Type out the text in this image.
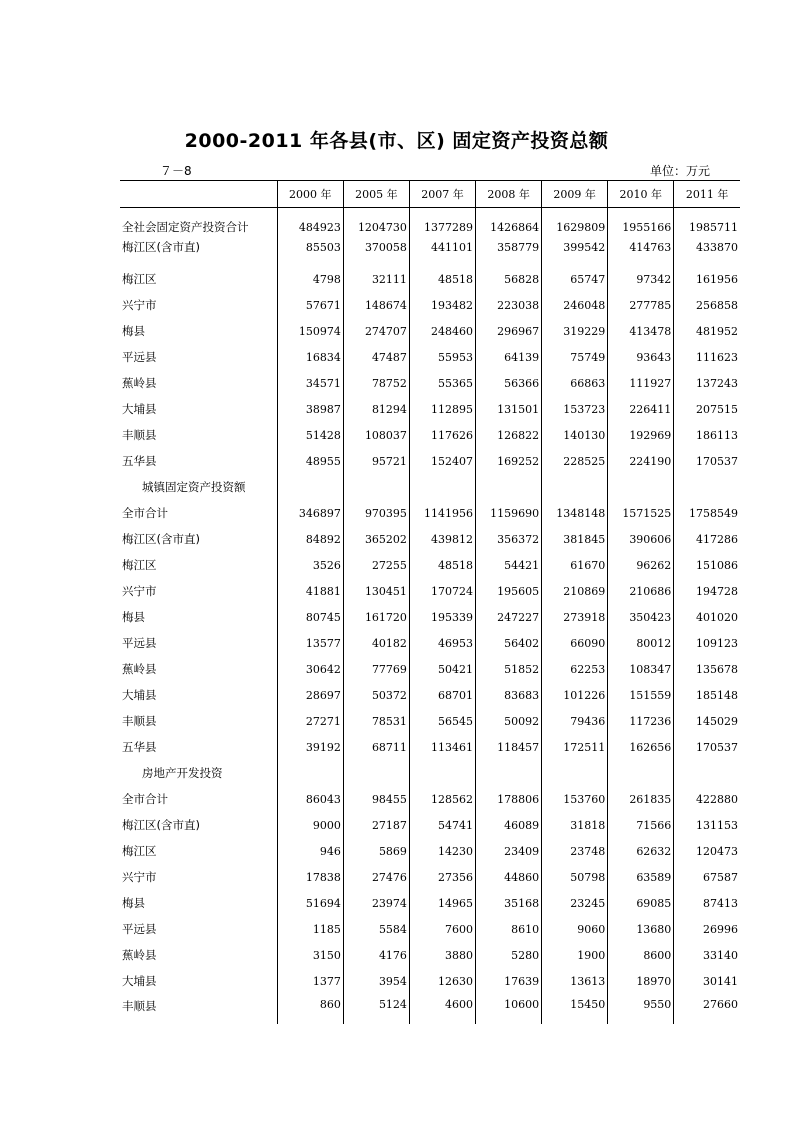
2000-2011 年各县(市、区) 固定资产投资总额
７－8	单位：万元
	2000 年	2005 年	2007 年	2008 年	2009 年	2010 年	2011 年

全社会固定资产投资合计	484923	1204730	1377289	1426864	1629809	1955166	1985711
梅江区(含市直)	85503	370058	441101	358779	399542	414763	433870

梅江区	4798	32111	48518	56828	65747	97342	161956
兴宁市	57671	148674	193482	223038	246048	277785	256858
梅县	150974	274707	248460	296967	319229	413478	481952
平远县	16834	47487	55953	64139	75749	93643	111623
蕉岭县	34571	78752	55365	56366	66863	111927	137243
大埔县	38987	81294	112895	131501	153723	226411	207515
丰顺县	51428	108037	117626	126822	140130	192969	186113
五华县	48955	95721	152407	169252	228525	224190	170537
城镇固定资产投资额							
全市合计	346897	970395	1141956	1159690	1348148	1571525	1758549
梅江区(含市直)	84892	365202	439812	356372	381845	390606	417286
梅江区	3526	27255	48518	54421	61670	96262	151086
兴宁市	41881	130451	170724	195605	210869	210686	194728
梅县	80745	161720	195339	247227	273918	350423	401020
平远县	13577	40182	46953	56402	66090	80012	109123
蕉岭县	30642	77769	50421	51852	62253	108347	135678
大埔县	28697	50372	68701	83683	101226	151559	185148
丰顺县	27271	78531	56545	50092	79436	117236	145029
五华县	39192	68711	113461	118457	172511	162656	170537
房地产开发投资							
全市合计	86043	98455	128562	178806	153760	261835	422880
梅江区(含市直)	9000	27187	54741	46089	31818	71566	131153
梅江区	946	5869	14230	23409	23748	62632	120473
兴宁市	17838	27476	27356	44860	50798	63589	67587
梅县	51694	23974	14965	35168	23245	69085	87413
平远县	1185	5584	7600	8610	9060	13680	26996
蕉岭县	3150	4176	3880	5280	1900	8600	33140
大埔县	1377	3954	12630	17639	13613	18970	30141
丰顺县	860	5124	4600	10600	15450	9550	27660
